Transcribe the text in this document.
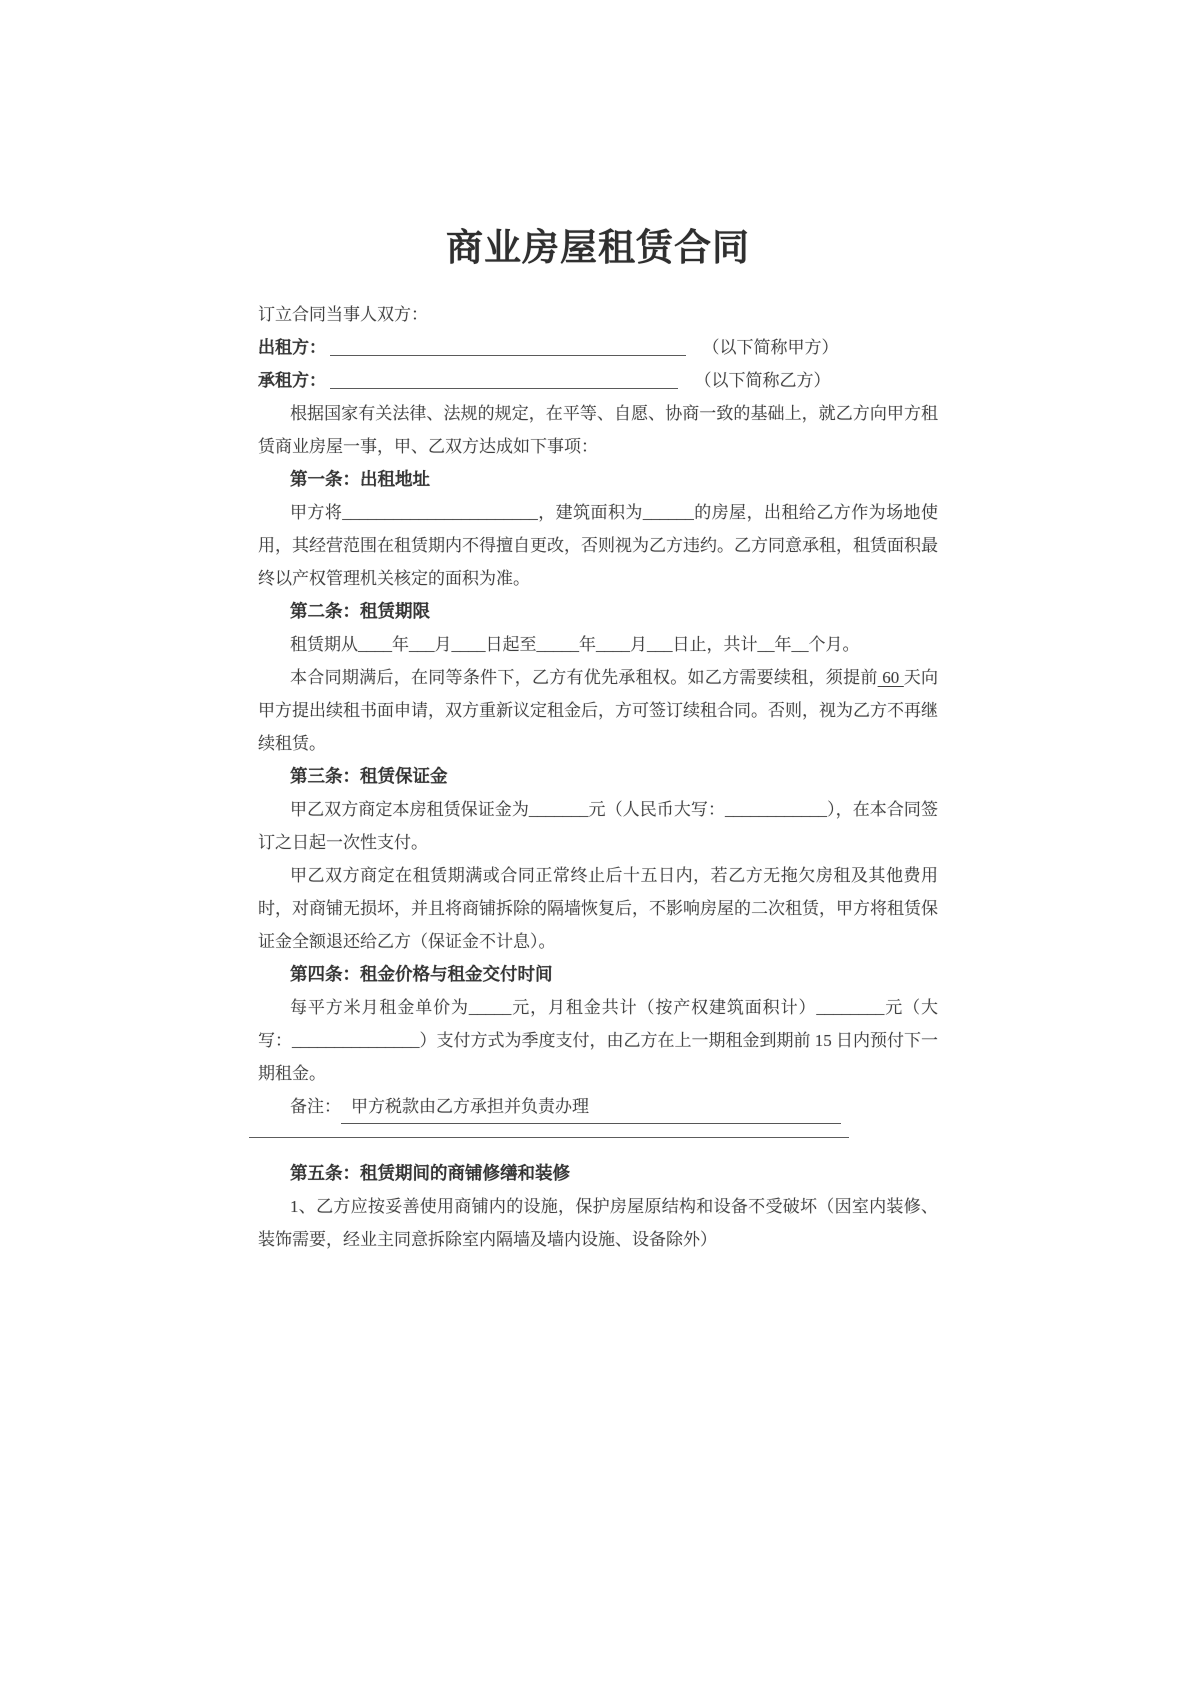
商业房屋租赁合同

订立合同当事人双方：

出租方：	（以下简称甲方）

承租方：	（以下简称乙方）

根据国家有关法律、法规的规定，在平等、自愿、协商一致的基础上，就乙方向甲方租赁商业房屋一事，甲、乙双方达成如下事项：

第一条：出租地址

甲方将_______________________，建筑面积为______的房屋，出租给乙方作为场地使用，其经营范围在租赁期内不得擅自更改，否则视为乙方违约。乙方同意承租，租赁面积最终以产权管理机关核定的面积为准。

第二条：租赁期限

租赁期从____年___月____日起至_____年____月___日止，共计__年__个月。

本合同期满后，在同等条件下，乙方有优先承租权。如乙方需要续租，须提前 60 天向甲方提出续租书面申请，双方重新议定租金后，方可签订续租合同。否则，视为乙方不再继续租赁。

第三条：租赁保证金

甲乙双方商定本房租赁保证金为_______元（人民币大写：____________），在本合同签订之日起一次性支付。

甲乙双方商定在租赁期满或合同正常终止后十五日内，若乙方无拖欠房租及其他费用时，对商铺无损坏，并且将商铺拆除的隔墙恢复后，不影响房屋的二次租赁，甲方将租赁保证金全额退还给乙方（保证金不计息）。

第四条：租金价格与租金交付时间

每平方米月租金单价为_____元，月租金共计（按产权建筑面积计）________元（大写：_______________）支付方式为季度支付，由乙方在上一期租金到期前 15 日内预付下一期租金。

备注： 甲方税款由乙方承担并负责办理

第五条：租赁期间的商铺修缮和装修

1、乙方应按妥善使用商铺内的设施，保护房屋原结构和设备不受破坏（因室内装修、装饰需要，经业主同意拆除室内隔墙及墙内设施、设备除外）
